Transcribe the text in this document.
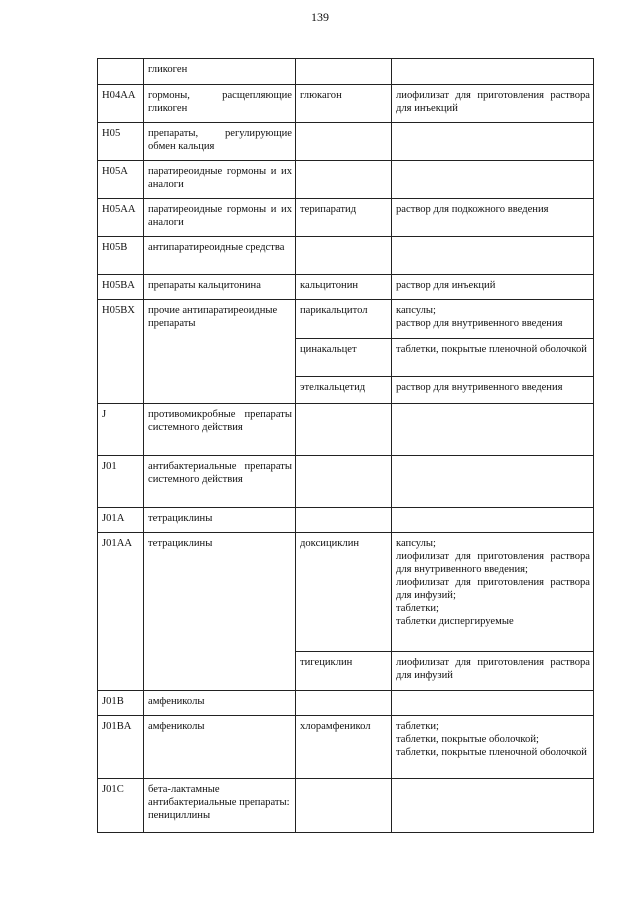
139
	гликоген		
H04AA	гормоны, расщепляющие гликоген	глюкагон	лиофилизат для приготовления раствора для инъекций

H05	препараты, регулирующие обмен кальция		
H05A	паратиреоидные гормоны и их аналоги		
H05AA	паратиреоидные гормоны и их аналоги	терипаратид	раствор для подкожного введения

H05B	антипаратиреоидные средства		
H05BA	препараты кальцитонина	кальцитонин	раствор для инъекций

H05BX	прочие антипаратиреоидные препараты	парикальцитол	капсулы;
раствор для внутривенного введения

		цинакальцет	таблетки, покрытые пленочной оболочкой

		этелкальцетид	раствор для внутривенного введения

J	противомикробные препараты системного действия		
J01	антибактериальные препараты системного действия		
J01A	тетрациклины		
J01AA	тетрациклины	доксициклин	капсулы;
лиофилизат для приготовления раствора для внутривенного введения;
лиофилизат для приготовления раствора для инфузий;
таблетки;
таблетки диспергируемые

		тигециклин	лиофилизат для приготовления раствора для инфузий

J01B	амфениколы		
J01BA	амфениколы	хлорамфеникол	таблетки;
таблетки, покрытые оболочкой;
таблетки, покрытые пленочной оболочкой

J01C	бета-лактамные антибактериальные препараты: пенициллины		
